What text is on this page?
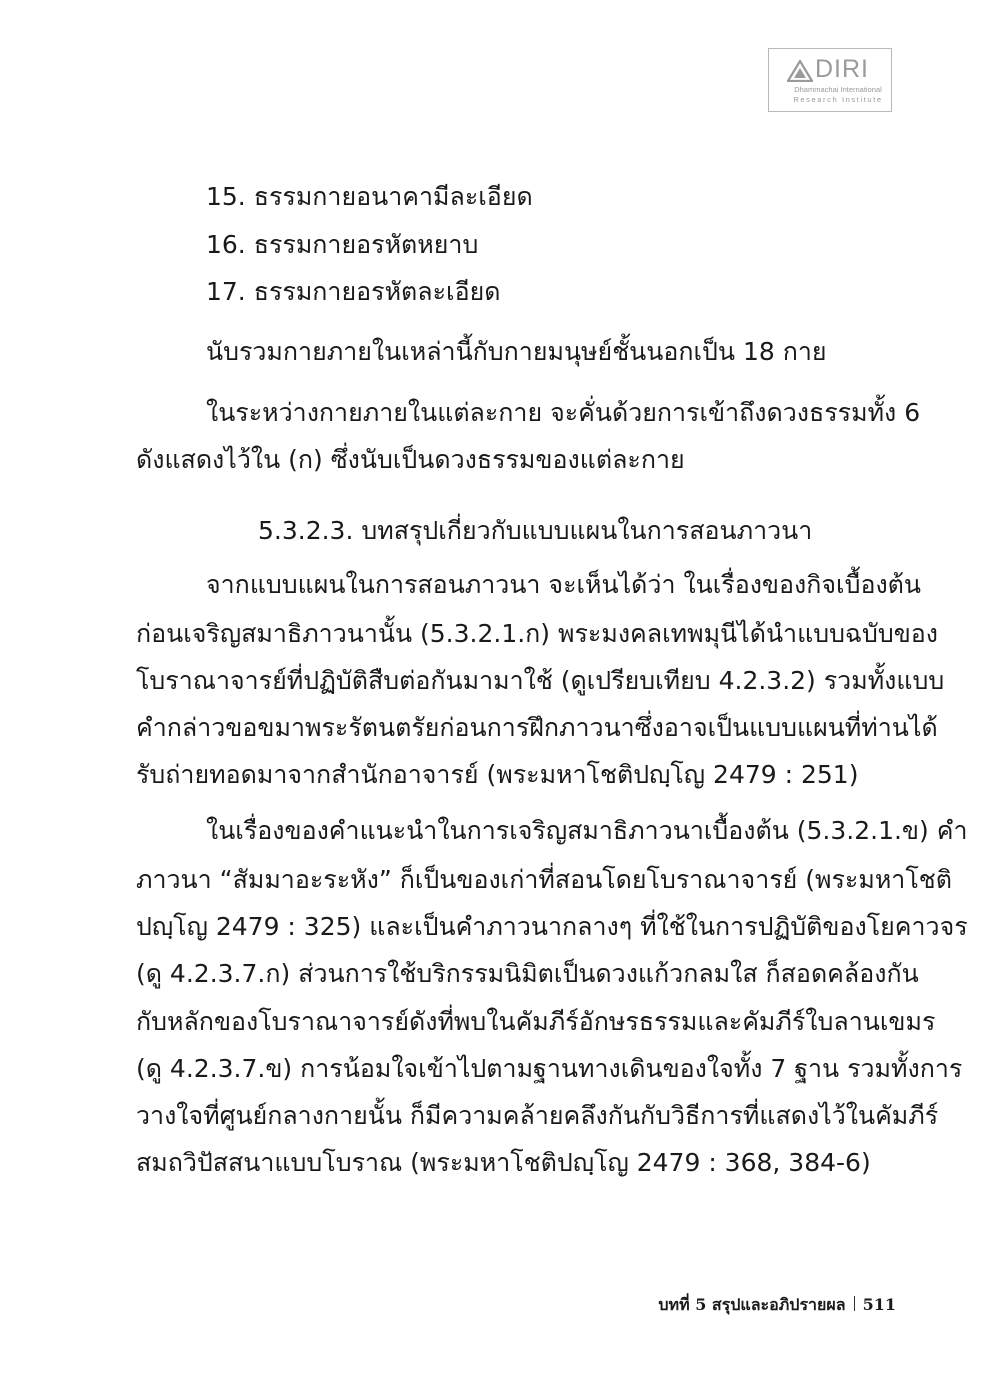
DIRI
Dhammachai International
Research Institute
15. ธรรมกายอนาคามีละเอียด
16. ธรรมกายอรหัตหยาบ
17. ธรรมกายอรหัตละเอียด
นับรวมกายภายในเหล่านี้กับกายมนุษย์ชั้นนอกเป็น 18 กาย
ในระหว่างกายภายในแต่ละกาย จะคั่นด้วยการเข้าถึงดวงธรรมทั้ง 6
ดังแสดงไว้ใน (ก) ซึ่งนับเป็นดวงธรรมของแต่ละกาย
5.3.2.3. บทสรุปเกี่ยวกับแบบแผนในการสอนภาวนา
จากแบบแผนในการสอนภาวนา จะเห็นได้ว่า ในเรื่องของกิจเบื้องต้น
ก่อนเจริญสมาธิภาวนานั้น (5.3.2.1.ก) พระมงคลเทพมุนีได้นำแบบฉบับของ
โบราณาจารย์ที่ปฏิบัติสืบต่อกันมามาใช้ (ดูเปรียบเทียบ 4.2.3.2) รวมทั้งแบบ
คำกล่าวขอขมาพระรัตนตรัยก่อนการฝึกภาวนาซึ่งอาจเป็นแบบแผนที่ท่านได้
รับถ่ายทอดมาจากสำนักอาจารย์ (พระมหาโชติปญฺโญ 2479 : 251)
ในเรื่องของคำแนะนำในการเจริญสมาธิภาวนาเบื้องต้น (5.3.2.1.ข) คำ
ภาวนา “สัมมาอะระหัง” ก็เป็นของเก่าที่สอนโดยโบราณาจารย์ (พระมหาโชติ
ปญฺโญ 2479 : 325) และเป็นคำภาวนากลางๆ ที่ใช้ในการปฏิบัติของโยคาวจร
(ดู 4.2.3.7.ก) ส่วนการใช้บริกรรมนิมิตเป็นดวงแก้วกลมใส ก็สอดคล้องกัน
กับหลักของโบราณาจารย์ดังที่พบในคัมภีร์อักษรธรรมและคัมภีร์ใบลานเขมร
(ดู 4.2.3.7.ข) การน้อมใจเข้าไปตามฐานทางเดินของใจทั้ง 7 ฐาน รวมทั้งการ
วางใจที่ศูนย์กลางกายนั้น ก็มีความคล้ายคลึงกันกับวิธีการที่แสดงไว้ในคัมภีร์
สมถวิปัสสนาแบบโบราณ (พระมหาโชติปญฺโญ 2479 : 368, 384-6)
บทที่ 5 สรุปและอภิปรายผล 511
